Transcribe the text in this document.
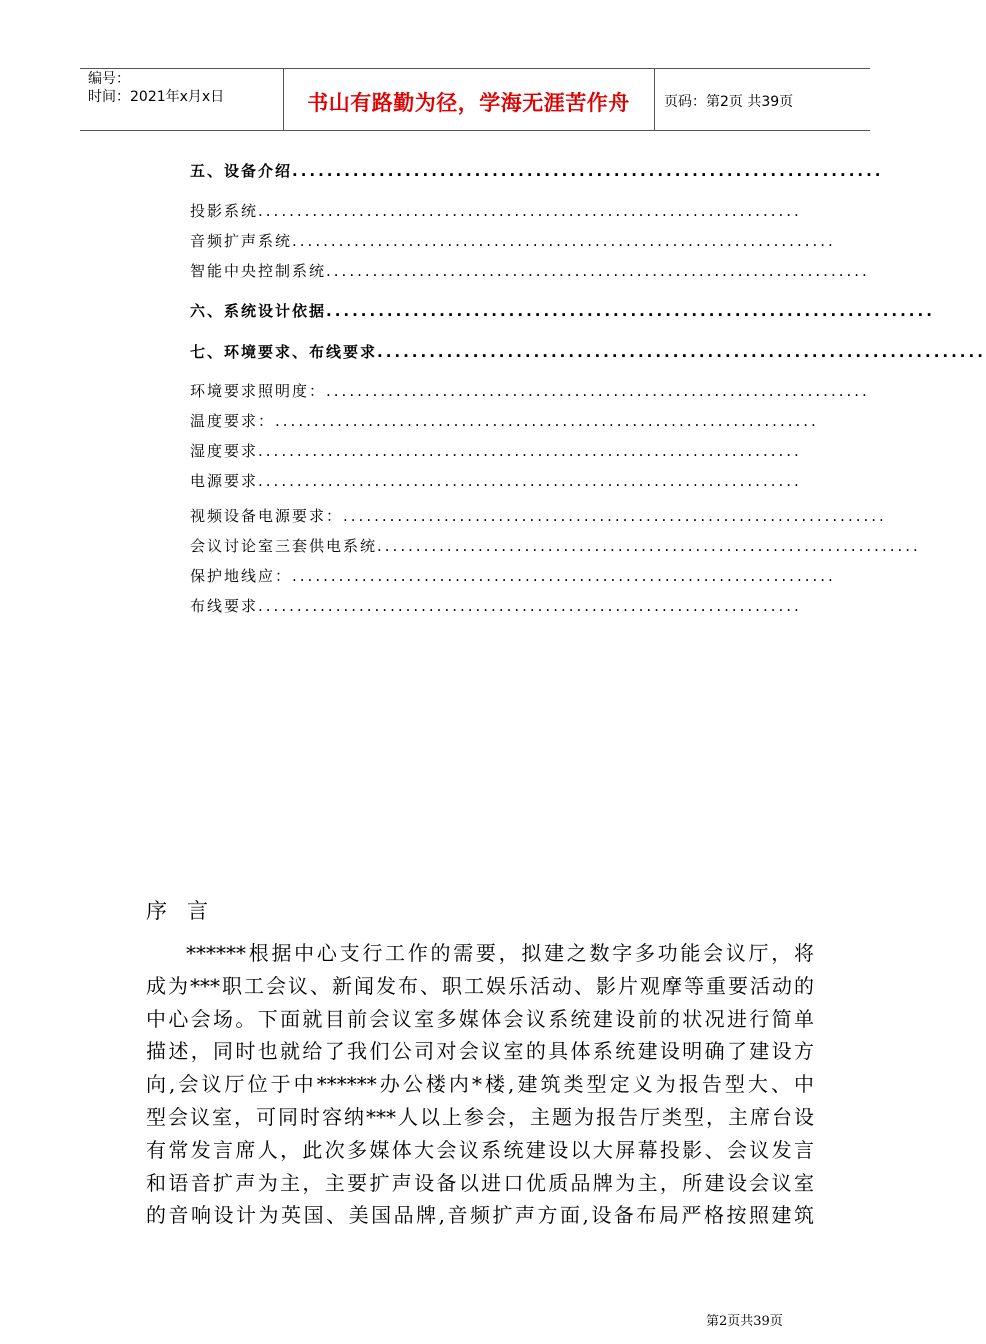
编号：
时间：2021年x月x日	书山有路勤为径，学海无涯苦作舟	页码：第2页 共39页
五、设备介绍....................................................................
投影系统......................................................................
音频扩声系统......................................................................
智能中央控制系统......................................................................
六、系统设计依据......................................................................
七、环境要求、布线要求......................................................................
环境要求照明度：......................................................................
温度要求：......................................................................
湿度要求......................................................................
电源要求......................................................................
视频设备电源要求：......................................................................
会议讨论室三套供电系统......................................................................
保护地线应：......................................................................
布线要求......................................................................
序言
******根据中心支行工作的需要，拟建之数字多功能会议厅，将
成为***职工会议、新闻发布、职工娱乐活动、影片观摩等重要活动的
中心会场。下面就目前会议室多媒体会议系统建设前的状况进行简单
描述，同时也就给了我们公司对会议室的具体系统建设明确了建设方
向,会议厅位于中******办公楼内*楼,建筑类型定义为报告型大、中
型会议室，可同时容纳***人以上参会，主题为报告厅类型，主席台设
有常发言席人，此次多媒体大会议系统建设以大屏幕投影、会议发言
和语音扩声为主，主要扩声设备以进口优质品牌为主，所建设会议室
的音响设计为英国、美国品牌,音频扩声方面,设备布局严格按照建筑
第2页共39页
